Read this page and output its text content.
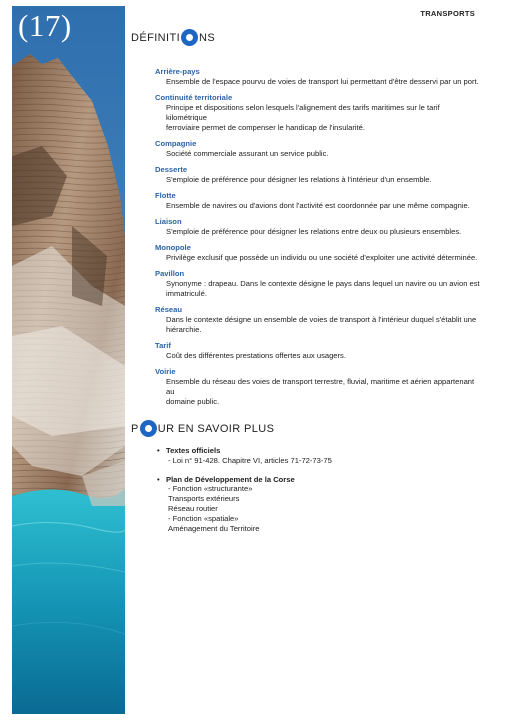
(17)	TRANSPORTS
DÉFINITI NS
Arrière-pays
Ensemble de l'espace pourvu de voies de transport lui permettant d'être desservi par un port.
Continuité territoriale
Principe et dispositions selon lesquels l'alignement des tarifs maritimes sur le tarif kilométrique
ferroviaire permet de compenser le handicap de l'insularité.
Compagnie
Société commerciale assurant un service public.
Desserte
S'emploie de préférence pour désigner les relations à l'intérieur d'un ensemble.
Flotte
Ensemble de navires ou d'avions dont l'activité est coordonnée par une même compagnie.
Liaison
S'emploie de préférence pour désigner les relations entre deux ou plusieurs ensembles.
Monopole
Privilège exclusif que possède un individu ou une société d'exploiter une activité déterminée.
Pavillon
Synonyme : drapeau. Dans le contexte désigne le pays dans lequel un navire ou un avion est
immatriculé.
Réseau
Dans le contexte désigne un ensemble de voies de transport à l'intérieur duquel s'établit une
hiérarchie.
Tarif
Coût des différentes prestations offertes aux usagers.
Voirie
Ensemble du réseau des voies de transport terrestre, fluvial, maritime et aérien appartenant au
domaine public.
P UR EN SAVOIR PLUS
• Textes officiels
- Loi n° 91-428. Chapitre VI, articles 71-72-73-75
• Plan de Développement de la Corse
- Fonction «structurante»
Transports extérieurs
Réseau routier
- Fonction «spatiale»
Aménagement du Territoire
